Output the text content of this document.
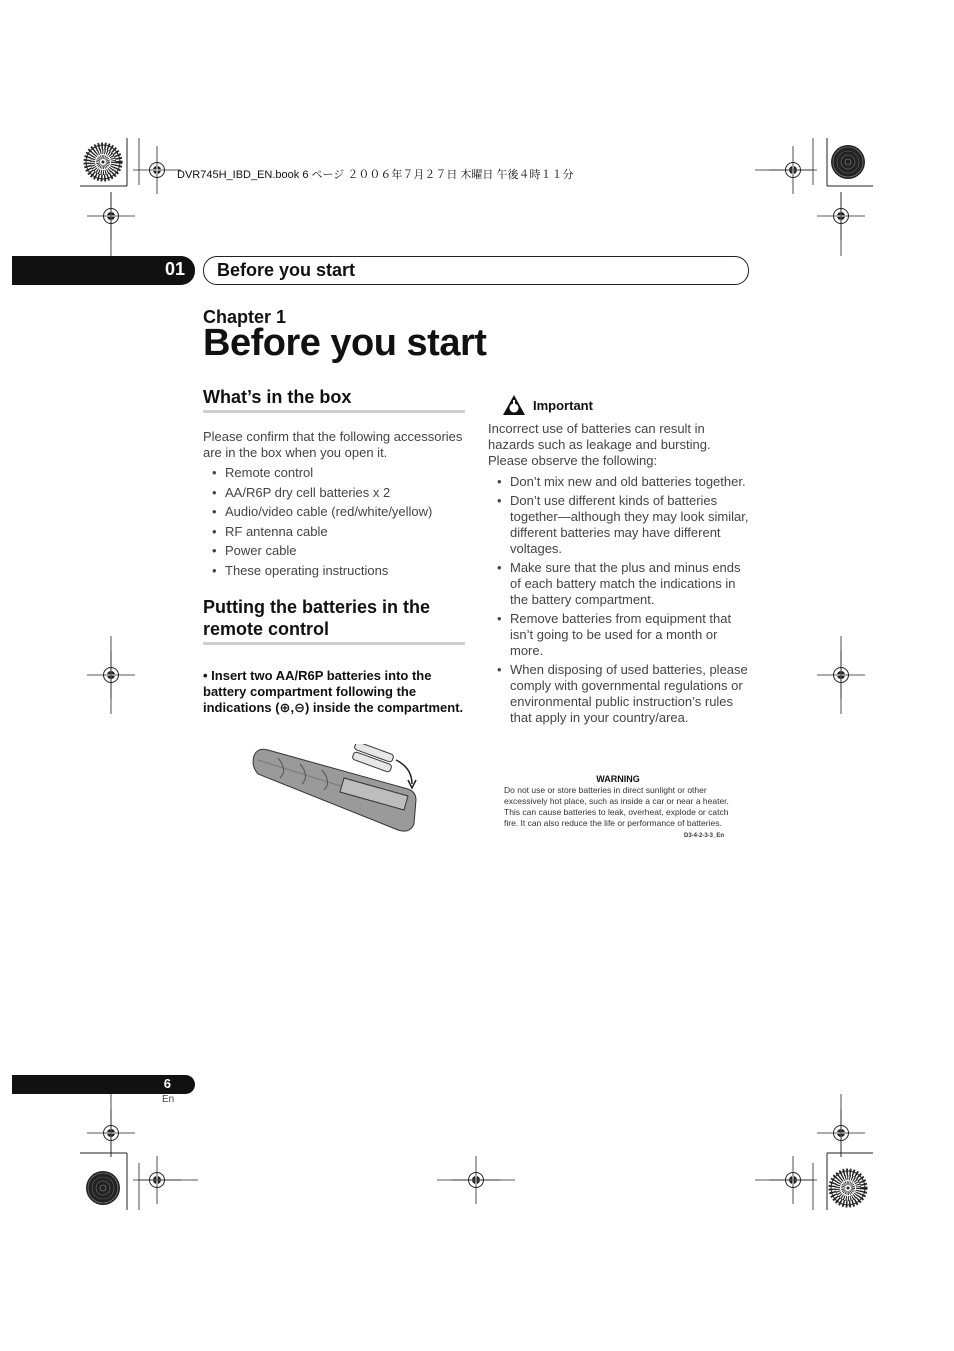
DVR745H_IBD_EN.book 6 ページ ２００６年７月２７日 木曜日 午後４時１１分
01 Before you start
Chapter 1
Before you start
What’s in the box
Please confirm that the following accessories are in the box when you open it.
• Remote control
• AA/R6P dry cell batteries x 2
• Audio/video cable (red/white/yellow)
• RF antenna cable
• Power cable
• These operating instructions
Putting the batteries in the remote control
• Insert two AA/R6P batteries into the battery compartment following the indications (⊕,⊖) inside the compartment.
Important
Incorrect use of batteries can result in hazards such as leakage and bursting. Please observe the following:
• Don’t mix new and old batteries together.
• Don’t use different kinds of batteries together—although they may look similar, different batteries may have different voltages.
• Make sure that the plus and minus ends of each battery match the indications in the battery compartment.
• Remove batteries from equipment that isn’t going to be used for a month or more.
• When disposing of used batteries, please comply with governmental regulations or environmental public instruction’s rules that apply in your country/area.
WARNING
Do not use or store batteries in direct sunlight or other excessively hot place, such as inside a car or near a heater. This can cause batteries to leak, overheat, explode or catch fire. It can also reduce the life or performance of batteries.
D3-4-2-3-3_En
6
En
